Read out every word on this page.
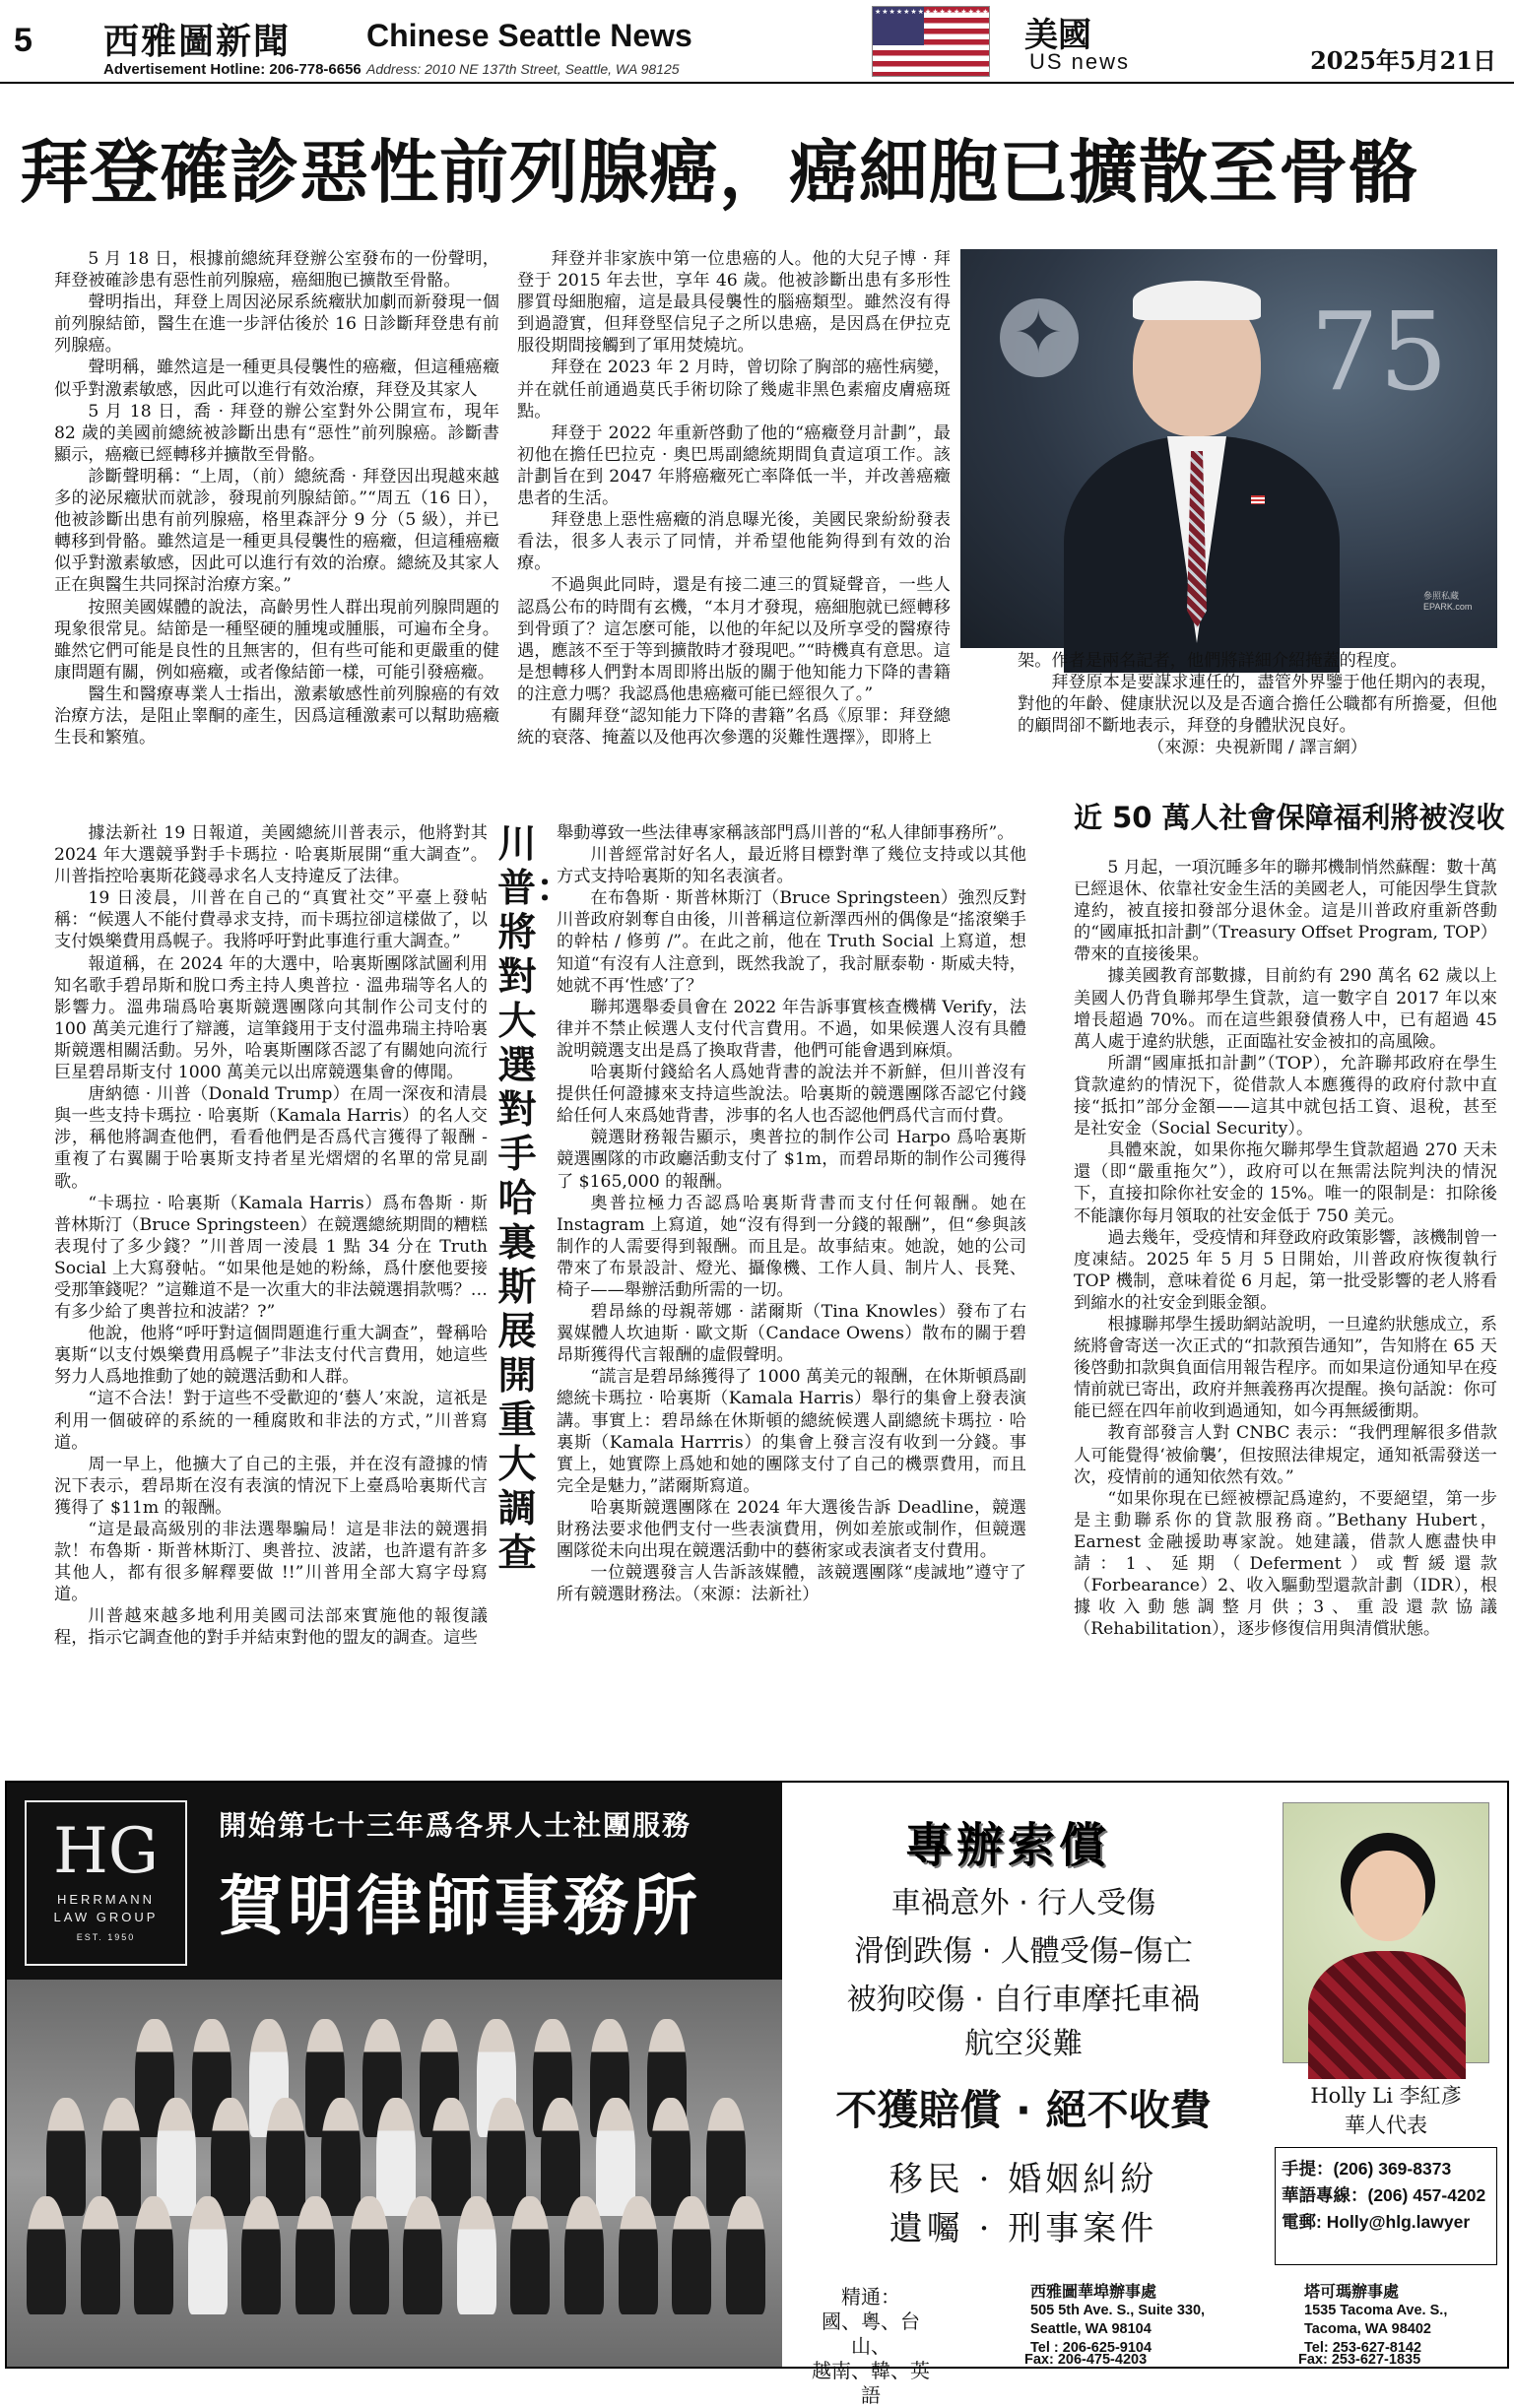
5 西雅圖新聞 Chinese Seattle News
Advertisement Hotline: 206-778-6656 Address: 2010 NE 137th Street, Seattle, WA 98125
★★★★★★★★★★★★★★★★★★★★★★★★★★★★★★★★★★★★★★★★★★★★★★★★★★
美國
US news	2025年5月21日
拜登確診惡性前列腺癌，癌細胞已擴散至骨骼

5 月 18 日，根據前總統拜登辦公室發布的一份聲明，拜登被確診患有惡性前列腺癌，癌細胞已擴散至骨骼。

聲明指出，拜登上周因泌尿系統癥狀加劇而新發現一個前列腺結節，醫生在進一步評估後於 16 日診斷拜登患有前列腺癌。

聲明稱，雖然這是一種更具侵襲性的癌癥，但這種癌癥似乎對激素敏感，因此可以進行有效治療，拜登及其家人

5 月 18 日，喬 · 拜登的辦公室對外公開宣布，現年 82 歲的美國前總統被診斷出患有“惡性”前列腺癌。診斷書顯示，癌癥已經轉移并擴散至骨骼。

診斷聲明稱：“上周，（前）總統喬 · 拜登因出現越來越多的泌尿癥狀而就診，發現前列腺結節。”“周五（16 日），他被診斷出患有前列腺癌，格里森評分 9 分（5 級），并已轉移到骨骼。雖然這是一種更具侵襲性的癌癥，但這種癌癥似乎對激素敏感，因此可以進行有效的治療。總統及其家人正在與醫生共同探討治療方案。”

按照美國媒體的說法，高齡男性人群出現前列腺問題的現象很常見。結節是一種堅硬的腫塊或腫脹，可遍布全身。雖然它們可能是良性的且無害的，但有些可能和更嚴重的健康問題有關，例如癌癥，或者像結節一樣，可能引發癌癥。

醫生和醫療專業人士指出，激素敏感性前列腺癌的有效治療方法，是阻止睾酮的產生，因爲這種激素可以幫助癌癥生長和繁殖。

拜登并非家族中第一位患癌的人。他的大兒子博 · 拜登于 2015 年去世，享年 46 歲。他被診斷出患有多形性膠質母細胞瘤，這是最具侵襲性的腦癌類型。雖然沒有得到過證實，但拜登堅信兒子之所以患癌，是因爲在伊拉克服役期間接觸到了軍用焚燒坑。

拜登在 2023 年 2 月時，曾切除了胸部的癌性病變，并在就任前通過莫氏手術切除了幾處非黑色素瘤皮膚癌斑點。

拜登于 2022 年重新啓動了他的“癌癥登月計劃”，最初他在擔任巴拉克 · 奧巴馬副總統期間負責這項工作。該計劃旨在到 2047 年將癌癥死亡率降低一半，并改善癌癥患者的生活。

拜登患上惡性癌癥的消息曝光後，美國民衆紛紛發表看法，很多人表示了同情，并希望他能夠得到有效的治療。

不過與此同時，還是有接二連三的質疑聲音，一些人認爲公布的時間有玄機，“本月才發現，癌細胞就已經轉移到骨頭了？這怎麽可能，以他的年紀以及所享受的醫療待遇，應該不至于等到擴散時才發現吧。”“時機真有意思。這是想轉移人們對本周即將出版的關于他知能力下降的書籍的注意力嗎？我認爲他患癌癥可能已經很久了。”

有關拜登“認知能力下降的書籍”名爲《原罪：拜登總統的衰落、掩蓋以及他再次參選的災難性選擇》，即將上

✦
75
參照私藏 EPARK.com

架。作者是兩名記者，他們將詳細介紹掩蓋的程度。

拜登原本是要謀求連任的，盡管外界鑒于他任期內的表現，對他的年齡、健康狀況以及是否適合擔任公職都有所擔憂，但他的顧問卻不斷地表示，拜登的身體狀況良好。

（來源：央視新聞 / 譯言網）

據法新社 19 日報道，美國總統川普表示，他將對其 2024 年大選競爭對手卡瑪拉 · 哈裏斯展開“重大調查”。川普指控哈裏斯花錢尋求名人支持違反了法律。

19 日淩晨，川普在自己的“真實社交”平臺上發帖稱：“候選人不能付費尋求支持，而卡瑪拉卻這樣做了，以支付娛樂費用爲幌子。我將呼吁對此事進行重大調查。”

報道稱，在 2024 年的大選中，哈裏斯團隊試圖利用知名歌手碧昂斯和脫口秀主持人奧普拉 · 溫弗瑞等名人的影響力。溫弗瑞爲哈裏斯競選團隊向其制作公司支付的 100 萬美元進行了辯護，這筆錢用于支付溫弗瑞主持哈裏斯競選相關活動。另外，哈裏斯團隊否認了有關她向流行巨星碧昂斯支付 1000 萬美元以出席競選集會的傳聞。

唐納德 · 川普（Donald Trump）在周一深夜和清晨與一些支持卡瑪拉 · 哈裏斯（Kamala Harris）的名人交涉，稱他將調查他們，看看他們是否爲代言獲得了報酬 - 重複了右翼關于哈裏斯支持者星光熠熠的名單的常見副歌。

“卡瑪拉 · 哈裏斯（Kamala Harris）爲布魯斯 · 斯普林斯汀（Bruce Springsteen）在競選總統期間的糟糕表現付了多少錢？”川普周一淩晨 1 點 34 分在 Truth Social 上大寫發帖。“如果他是她的粉絲，爲什麽他要接受那筆錢呢？”這難道不是一次重大的非法競選捐款嗎？…有多少給了奧普拉和波諾？?”

他說，他將“呼吁對這個問題進行重大調查”，聲稱哈裏斯“以支付娛樂費用爲幌子”非法支付代言費用，她這些努力人爲地推動了她的競選活動和人群。

“這不合法！對于這些不受歡迎的‘藝人’來說，這祇是利用一個破碎的系統的一種腐敗和非法的方式，”川普寫道。

周一早上，他擴大了自己的主張，并在沒有證據的情況下表示，碧昂斯在沒有表演的情況下上臺爲哈裏斯代言獲得了 $11m 的報酬。

“這是最高級別的非法選舉騙局！這是非法的競選捐款！布魯斯 · 斯普林斯汀、奧普拉、波諾，也許還有許多其他人，都有很多解釋要做 !!”川普用全部大寫字母寫道。

川普越來越多地利用美國司法部來實施他的報復議程，指示它調查他的對手并結束對他的盟友的調查。這些

川普：將對大選對手哈裏斯展開重大調查

舉動導致一些法律專家稱該部門爲川普的“私人律師事務所”。

川普經常討好名人，最近將目標對準了幾位支持或以其他方式支持哈裏斯的知名表演者。

在布魯斯 · 斯普林斯汀（Bruce Springsteen）強烈反對川普政府剝奪自由後，川普稱這位新澤西州的偶像是“搖滾樂手的幹枯 / 修剪 /”。在此之前，他在 Truth Social 上寫道，想知道“有沒有人注意到，既然我說了，我討厭泰勒 · 斯威夫特，她就不再‘性感’了？

聯邦選舉委員會在 2022 年告訴事實核查機構 Verify，法律并不禁止候選人支付代言費用。不過，如果候選人沒有具體說明競選支出是爲了換取背書，他們可能會遇到麻煩。

哈裏斯付錢給名人爲她背書的說法并不新鮮，但川普沒有提供任何證據來支持這些說法。哈裏斯的競選團隊否認它付錢給任何人來爲她背書，涉事的名人也否認他們爲代言而付費。

競選財務報告顯示，奧普拉的制作公司 Harpo 爲哈裏斯競選團隊的市政廳活動支付了 $1m，而碧昂斯的制作公司獲得了 $165,000 的報酬。

奧普拉極力否認爲哈裏斯背書而支付任何報酬。她在 Instagram 上寫道，她“沒有得到一分錢的報酬”，但“參與該制作的人需要得到報酬。而且是。故事結束。她說，她的公司帶來了布景設計、燈光、攝像機、工作人員、制片人、長凳、椅子——舉辦活動所需的一切。

碧昂絲的母親蒂娜 · 諾爾斯（Tina Knowles）發布了右翼媒體人坎迪斯 · 歐文斯（Candace Owens）散布的關于碧昂斯獲得代言報酬的虛假聲明。

“謊言是碧昂絲獲得了 1000 萬美元的報酬，在休斯頓爲副總統卡瑪拉 · 哈裏斯（Kamala Harris）舉行的集會上發表演講。事實上：碧昂絲在休斯頓的總統候選人副總統卡瑪拉 · 哈裏斯（Kamala Harrris）的集會上發言沒有收到一分錢。事實上，她實際上爲她和她的團隊支付了自己的機票費用，而且完全是魅力，”諾爾斯寫道。

哈裏斯競選團隊在 2024 年大選後告訴 Deadline，競選財務法要求他們支付一些表演費用，例如差旅或制作，但競選團隊從未向出現在競選活動中的藝術家或表演者支付費用。

一位競選發言人告訴該媒體，該競選團隊“虔誠地”遵守了所有競選財務法。（來源：法新社）

近 50 萬人社會保障福利將被沒收

5 月起，一項沉睡多年的聯邦機制悄然蘇醒：數十萬已經退休、依靠社安金生活的美國老人，可能因學生貸款違約，被直接扣發部分退休金。這是川普政府重新啓動的“國庫抵扣計劃”（Treasury Offset Program, TOP）帶來的直接後果。

據美國教育部數據，目前約有 290 萬名 62 歲以上美國人仍背負聯邦學生貸款，這一數字自 2017 年以來增長超過 70%。而在這些銀發債務人中，已有超過 45 萬人處于違約狀態，正面臨社安金被扣的高風險。

所謂“國庫抵扣計劃”（TOP），允許聯邦政府在學生貸款違約的情況下，從借款人本應獲得的政府付款中直接“抵扣”部分金額——這其中就包括工資、退稅，甚至是社安金（Social Security）。

具體來說，如果你拖欠聯邦學生貸款超過 270 天未還（即“嚴重拖欠”），政府可以在無需法院判決的情況下，直接扣除你社安金的 15%。唯一的限制是：扣除後不能讓你每月領取的社安金低于 750 美元。

過去幾年，受疫情和拜登政府政策影響，該機制曾一度凍結。2025 年 5 月 5 日開始，川普政府恢復執行 TOP 機制，意味着從 6 月起，第一批受影響的老人將看到縮水的社安金到賬金額。

根據聯邦學生援助網站說明，一旦違約狀態成立，系統將會寄送一次正式的“扣款預告通知”，告知將在 65 天後啓動扣款與負面信用報告程序。而如果這份通知早在疫情前就已寄出，政府并無義務再次提醒。換句話說：你可能已經在四年前收到過通知，如今再無緩衝期。

教育部發言人對 CNBC 表示：“我們理解很多借款人可能覺得‘被偷襲’，但按照法律規定，通知祇需發送一次，疫情前的通知依然有效。”

“如果你現在已經被標記爲違約，不要絕望，第一步是主動聯系你的貸款服務商。”Bethany Hubert，Earnest 金融援助專家說。她建議，借款人應盡快申請：1、延期（Deferment）或暫緩還款（Forbearance）2、收入驅動型還款計劃（IDR），根據收入動態調整月供；3、重設還款協議（Rehabilitation），逐步修復信用與清償狀態。

HG
HERRMANN
LAW GROUP
EST. 1950
開始第七十三年爲各界人士社團服務
賀明律師事務所
專辦索償
車禍意外 · 行人受傷
滑倒跌傷 · 人體受傷–傷亡
被狗咬傷 · 自行車摩托車禍
航空災難
不獲賠償 · 絕不收費
移民 · 婚姻糾紛
遺囑 · 刑事案件
Holly Li 李紅彥
華人代表
手提：(206) 369-8373
華語專線：(206) 457-4202
電郵: Holly@hlg.lawyer
精通：
國、粵、台山、
越南、韓、英語
西雅圖華埠辦事處
505 5th Ave. S., Suite 330,
Seattle, WA 98104
Tel : 206-625-9104
塔可瑪辦事處
1535 Tacoma Ave. S.,
Tacoma, WA 98402
Tel: 253-627-8142
Fax: 206-475-4203	Fax: 253-627-1835
